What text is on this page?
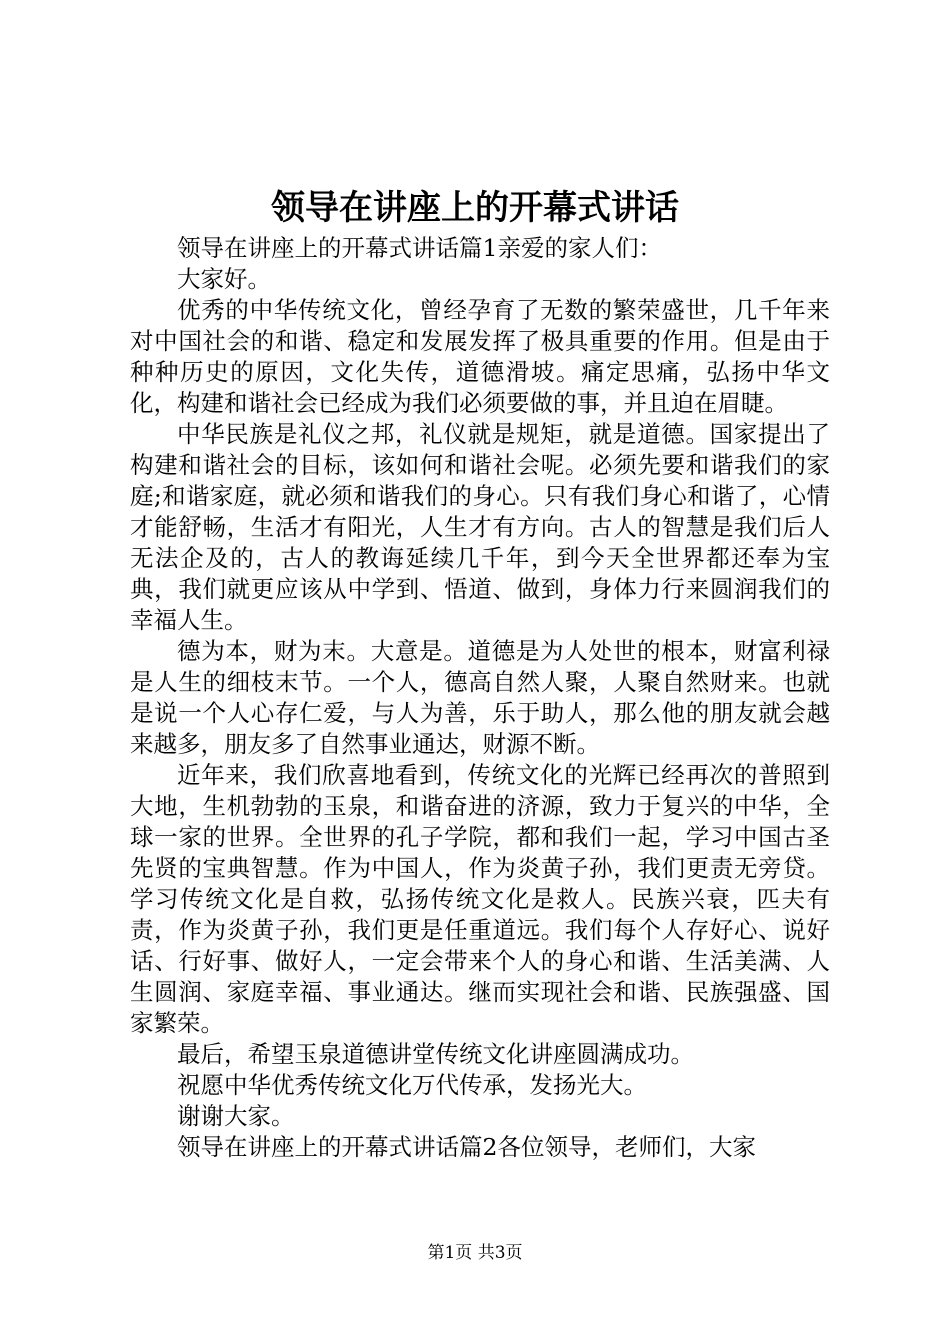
领导在讲座上的开幕式讲话

领导在讲座上的开幕式讲话篇1亲爱的家人们：

大家好。

优秀的中华传统文化，曾经孕育了无数的繁荣盛世，几千年来对中国社会的和谐、稳定和发展发挥了极具重要的作用。但是由于种种历史的原因，文化失传，道德滑坡。痛定思痛，弘扬中华文化，构建和谐社会已经成为我们必须要做的事，并且迫在眉睫。

中华民族是礼仪之邦，礼仪就是规矩，就是道德。国家提出了构建和谐社会的目标，该如何和谐社会呢。必须先要和谐我们的家庭;和谐家庭，就必须和谐我们的身心。只有我们身心和谐了，心情才能舒畅，生活才有阳光，人生才有方向。古人的智慧是我们后人无法企及的，古人的教诲延续几千年，到今天全世界都还奉为宝典，我们就更应该从中学到、悟道、做到，身体力行来圆润我们的幸福人生。

德为本，财为末。大意是。道德是为人处世的根本，财富利禄是人生的细枝末节。一个人，德高自然人聚，人聚自然财来。也就是说一个人心存仁爱，与人为善，乐于助人，那么他的朋友就会越来越多，朋友多了自然事业通达，财源不断。

近年来，我们欣喜地看到，传统文化的光辉已经再次的普照到大地，生机勃勃的玉泉，和谐奋进的济源，致力于复兴的中华，全球一家的世界。全世界的孔子学院，都和我们一起，学习中国古圣先贤的宝典智慧。作为中国人，作为炎黄子孙，我们更责无旁贷。学习传统文化是自救，弘扬传统文化是救人。民族兴衰，匹夫有责，作为炎黄子孙，我们更是任重道远。我们每个人存好心、说好话、行好事、做好人，一定会带来个人的身心和谐、生活美满、人生圆润、家庭幸福、事业通达。继而实现社会和谐、民族强盛、国家繁荣。

最后，希望玉泉道德讲堂传统文化讲座圆满成功。

祝愿中华优秀传统文化万代传承，发扬光大。

谢谢大家。

领导在讲座上的开幕式讲话篇2各位领导，老师们，大家

第1页 共3页
